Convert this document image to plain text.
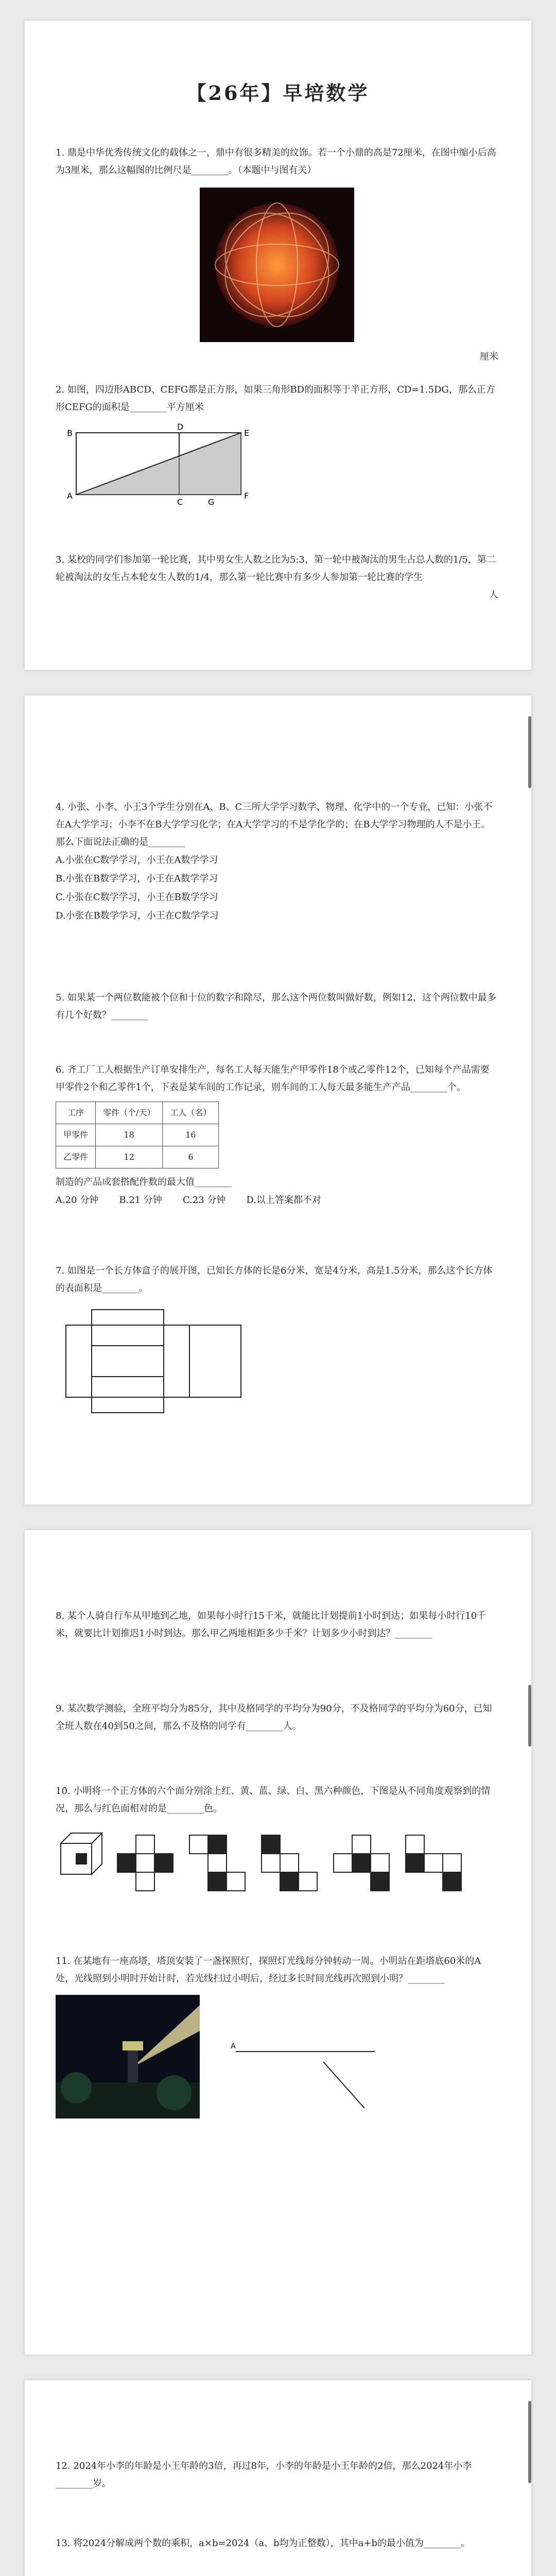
【26年】早培数学
1. 鼎是中华优秀传统文化的载体之一，鼎中有很多精美的纹饰。若一个小鼎的高是72厘米，在图中缩小后高为3厘米，那么这幅图的比例尺是________。（本题中与图有关）
厘米
2. 如图，四边形ABCD、CEFG都是正方形，如果三角形BD的面积等于半正方形，CD=1.5DG，那么正方形CEFG的面积是________平方厘米
A
B
C
D
E
F
G
3. 某校的同学们参加第一轮比赛，其中男女生人数之比为5:3，第一轮中被淘汰的男生占总人数的1/5，第二轮被淘汰的女生占本轮女生人数的1/4，那么第一轮比赛中有多少人参加第一轮比赛的学生
人
4. 小张、小李、小王3个学生分别在A、B、C三所大学学习数学、物理、化学中的一个专业，已知：小张不在A大学学习；小李不在B大学学习化学；在A大学学习的不是学化学的；在B大学学习物理的人不是小王。那么下面说法正确的是________
A.小张在C数学学习，小王在A数学学习
B.小张在B数学学习，小王在A数学学习
C.小张在C数学学习，小王在B数学学习
D.小张在B数学学习，小王在C数学学习
5. 如果某一个两位数能被个位和十位的数字和除尽，那么这个两位数叫做好数，例如12，这个两位数中最多有几个好数？________
6. 齐工厂工人根据生产订单安排生产，每名工人每天能生产甲零件18个或乙零件12个，已知每个产品需要甲零件2个和乙零件1个，下表是某车间的工作记录，则车间的工人每天最多能生产产品________个。
工序	零件（个/天）	工人（名）
甲零件	18	16
乙零件	12	6
制造的产品成套搭配件数的最大值________
A.20 分钟 B.21 分钟 C.23 分钟 D.以上答案都不对
7. 如图是一个长方体盒子的展开图，已知长方体的长是6分米，宽是4分米，高是1.5分米，那么这个长方体的表面积是________。
8. 某个人骑自行车从甲地到乙地，如果每小时行15千米，就能比计划提前1小时到达；如果每小时行10千米，就要比计划推迟1小时到达。那么甲乙两地相距多少千米？计划多少小时到达？________
9. 某次数学测验，全班平均分为85分，其中及格同学的平均分为90分，不及格同学的平均分为60分，已知全班人数在40到50之间，那么不及格的同学有________人。
10. 小明将一个正方体的六个面分别涂上红、黄、蓝、绿、白、黑六种颜色，下图是从不同角度观察到的情况，那么与红色面相对的是________色。
11. 在某地有一座高塔，塔顶安装了一盏探照灯，探照灯光线每分钟转动一周。小明站在距塔底60米的A处，光线照到小明时开始计时，若光线扫过小明后，经过多长时间光线再次照到小明？________
A
12. 2024年小李的年龄是小王年龄的3倍，再过8年，小李的年龄是小王年龄的2倍，那么2024年小李________岁。
13. 将2024分解成两个数的乘积，a×b=2024（a、b均为正整数），其中a+b的最小值为________。
